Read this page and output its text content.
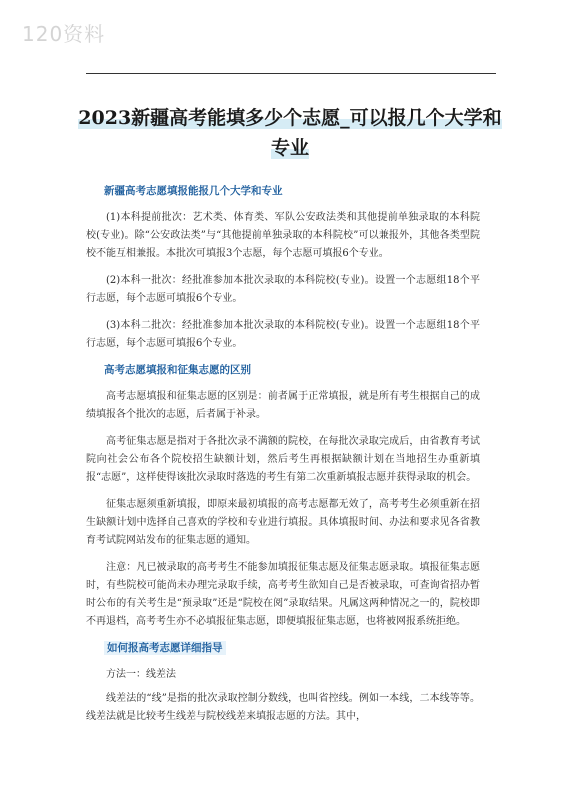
120资料
2023新疆高考能填多少个志愿_可以报几个大学和专业
新疆高考志愿填报能报几个大学和专业

(1)本科提前批次：艺术类、体育类、军队公安政法类和其他提前单独录取的本科院校(专业)。除“公安政法类”与“其他提前单独录取的本科院校”可以兼报外，其他各类型院校不能互相兼报。本批次可填报3个志愿，每个志愿可填报6个专业。

(2)本科一批次：经批准参加本批次录取的本科院校(专业)。设置一个志愿组18个平行志愿，每个志愿可填报6个专业。

(3)本科二批次：经批准参加本批次录取的本科院校(专业)。设置一个志愿组18个平行志愿，每个志愿可填报6个专业。

高考志愿填报和征集志愿的区别

高考志愿填报和征集志愿的区别是：前者属于正常填报，就是所有考生根据自己的成绩填报各个批次的志愿，后者属于补录。

高考征集志愿是指对于各批次录不满额的院校，在每批次录取完成后，由省教育考试院向社会公布各个院校招生缺额计划，然后考生再根据缺额计划在当地招生办重新填报“志愿”，这样使得该批次录取时落选的考生有第二次重新填报志愿并获得录取的机会。

征集志愿须重新填报，即原来最初填报的高考志愿都无效了，高考考生必须重新在招生缺额计划中选择自己喜欢的学校和专业进行填报。具体填报时间、办法和要求见各省教育考试院网站发布的征集志愿的通知。

注意：凡已被录取的高考考生不能参加填报征集志愿及征集志愿录取。填报征集志愿时，有些院校可能尚未办理完录取手续，高考考生欲知自己是否被录取，可查询省招办暂时公布的有关考生是“预录取”还是“院校在阅”录取结果。凡属这两种情况之一的，院校即不再退档，高考考生亦不必填报征集志愿，即便填报征集志愿，也将被网报系统拒绝。

如何报高考志愿详细指导

方法一：线差法

线差法的“线”是指的批次录取控制分数线，也叫省控线。例如一本线，二本线等等。线差法就是比较考生线差与院校线差来填报志愿的方法。其中，
